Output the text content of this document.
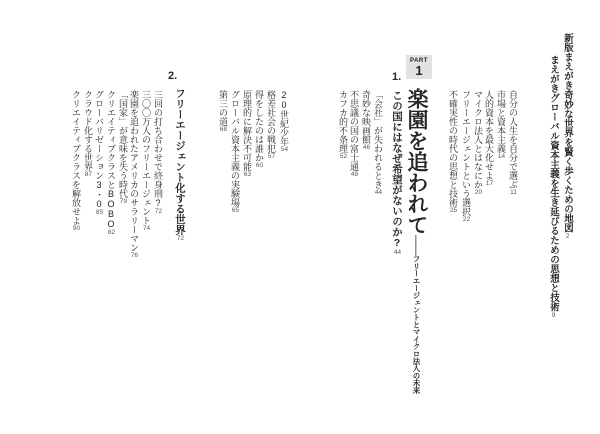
新版まえがき奇妙な世界を賢く歩くための地図2
まえがきグローバル資本主義を生き延びるための思想と技術9
自分の人生を自分で選ぶ11
市場と資本主義14
人的資本を最大化せよ17
マイクロ法人とはなにか20
フリーエージェントという選択22
不確実性の時代の思想と技術25
PART
1
楽園を追われて――フリーエージェントとマイクロ法人の未来
1.
この国にはなぜ希望がないのか?44
「会社」が失われるとき44
奇妙な映画館46
不思議の国の富士通49
カフカ的不条理52
20世紀少年54
格差社会の戦犯57
得をしたのは誰か60
原理的に解決不可能63
グローバル資本主義の実験場65
第三の道68
2.
フリーエージェント化する世界72
三回の打ち合わせで終身刑?72
三〇〇万人のフリーエージェント74
楽園を追われたアメリカのサラリーマン76
「国家」が意味を失う時代79
クリエイティブクラスとBOBO82
グローバリゼーション3・085
クラウド化する世界87
クリエイティブクラスを解放せよ90
